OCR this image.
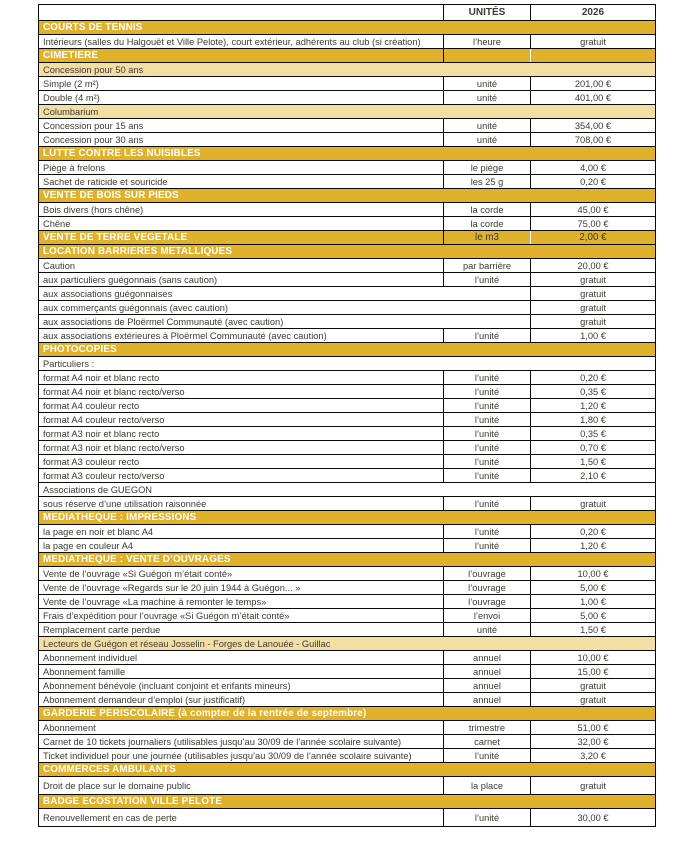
	UNITÉS	2026
COURTS DE TENNIS		
Intérieurs (salles du Halgouët et Ville Pelote), court extérieur, adhérents au club (si création)	l’heure	gratuit
CIMETIERE		
Concession pour 50 ans		
Simple (2 m²)	unité	201,00 €
Double (4 m²)	unité	401,00 €
Columbarium		
Concession pour 15 ans	unité	354,00 €
Concession pour 30 ans	unité	708,00 €
LUTTE CONTRE LES NUISIBLES		
Piège à frelons	le piège	4,00 €
Sachet de raticide et souricide	les 25 g	0,20 €
VENTE DE BOIS SUR PIEDS		
Bois divers (hors chêne)	la corde	45,00 €
Chêne	la corde	75,00 €
VENTE DE TERRE VEGETALE	le m3	2,00 €
LOCATION BARRIERES METALLIQUES		
Caution	par barrière	20,00 €
aux particuliers guégonnais (sans caution)	l’unité	gratuit
aux associations guégonnaises		gratuit
aux commerçants guégonnais (avec caution)		gratuit
aux associations de Ploërmel Communauté (avec caution)		gratuit
aux associations extérieures à Ploërmel Communauté (avec caution)	l’unité	1,00 €
PHOTOCOPIES		
Particuliers :		
format A4 noir et blanc recto	l’unité	0,20 €
format A4 noir et blanc recto/verso	l’unité	0,35 €
format A4 couleur recto	l’unité	1,20 €
format A4 couleur recto/verso	l’unité	1,80 €
format A3 noir et blanc recto	l’unité	0,35 €
format A3 noir et blanc recto/verso	l’unité	0,70 €
format A3 couleur recto	l’unité	1,50 €
format A3 couleur recto/verso	l’unité	2,10 €
Associations de GUEGON		
sous réserve d’une utilisation raisonnée	l’unité	gratuit
MEDIATHEQUE : IMPRESSIONS		
la page en noir et blanc A4	l’unité	0,20 €
la page en couleur A4	l’unité	1,20 €
MEDIATHEQUE : VENTE D’OUVRAGES		
Vente de l’ouvrage «Si Guégon m’était conté»	l’ouvrage	10,00 €
Vente de l’ouvrage «Regards sur le 20 juin 1944 à Guégon... »	l’ouvrage	5,00 €
Vente de l’ouvrage «La machine à remonter le temps»	l’ouvrage	1,00 €
Frais d’expédition pour l’ouvrage «Si Guégon m’était conté»	l’envoi	5,00 €
Remplacement carte perdue	unité	1,50 €
Lecteurs de Guégon et réseau Josselin - Forges de Lanouée - Guillac		
Abonnement individuel	annuel	10,00 €
Abonnement famille	annuel	15,00 €
Abonnement bénévole (incluant conjoint et enfants mineurs)	annuel	gratuit
Abonnement demandeur d’emploi (sur justificatif)	annuel	gratuit
GARDERIE PERISCOLAIRE (à compter de la rentrée de septembre)		
Abonnement	trimestre	51,00 €
Carnet de 10 tickets journaliers (utilisables jusqu’au 30/09 de l’année scolaire suivante)	carnet	32,00 €
Ticket individuel pour une journée (utilisables jusqu’au 30/09 de l’année scolaire suivante)	l’unité	3,20 €
COMMERCES AMBULANTS		
Droit de place sur le domaine public	la place	gratuit
BADGE ECOSTATION VILLE PELOTE		
Renouvellement en cas de perte	l’unité	30,00 €
